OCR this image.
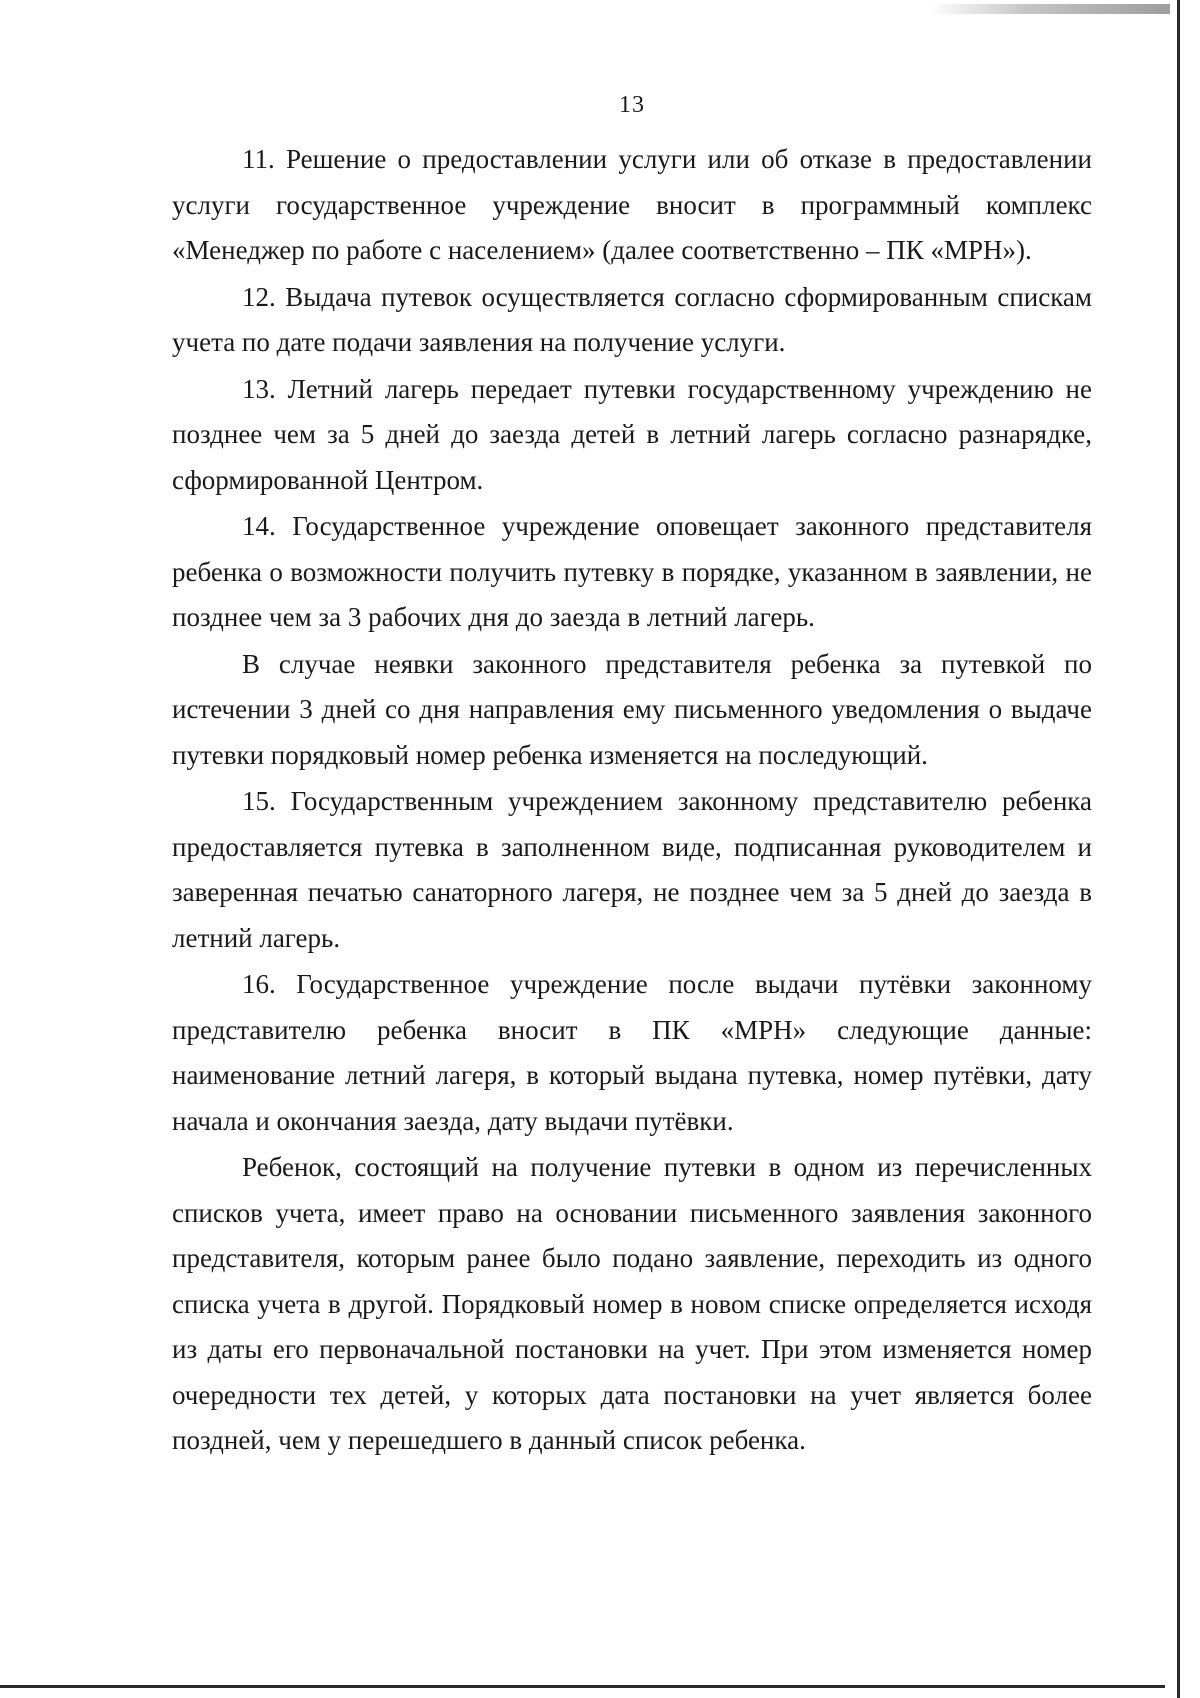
13

11. Решение о предоставлении услуги или об отказе в предоставлении услуги государственное учреждение вносит в программный комплекс «Менеджер по работе с населением» (далее соответственно – ПК «МРН»).

12. Выдача путевок осуществляется согласно сформированным спискам учета по дате подачи заявления на получение услуги.

13. Летний лагерь передает путевки государственному учреждению не позднее чем за 5 дней до заезда детей в летний лагерь согласно разнарядке, сформированной Центром.

14. Государственное учреждение оповещает законного представителя ребенка о возможности получить путевку в порядке, указанном в заявлении, не позднее чем за 3 рабочих дня до заезда в летний лагерь.

В случае неявки законного представителя ребенка за путевкой по истечении 3 дней со дня направления ему письменного уведомления о выдаче путевки порядковый номер ребенка изменяется на последующий.

15. Государственным учреждением законному представителю ребенка предоставляется путевка в заполненном виде, подписанная руководителем и заверенная печатью санаторного лагеря, не позднее чем за 5 дней до заезда в летний лагерь.

16. Государственное учреждение после выдачи путёвки законному представителю ребенка вносит в ПК «МРН» следующие данные: наименование летний лагеря, в который выдана путевка, номер путёвки, дату начала и окончания заезда, дату выдачи путёвки.

Ребенок, состоящий на получение путевки в одном из перечисленных списков учета, имеет право на основании письменного заявления законного представителя, которым ранее было подано заявление, переходить из одного списка учета в другой. Порядковый номер в новом списке определяется исходя из даты его первоначальной постановки на учет. При этом изменяется номер очередности тех детей, у которых дата постановки на учет является более поздней, чем у перешедшего в данный список ребенка.
